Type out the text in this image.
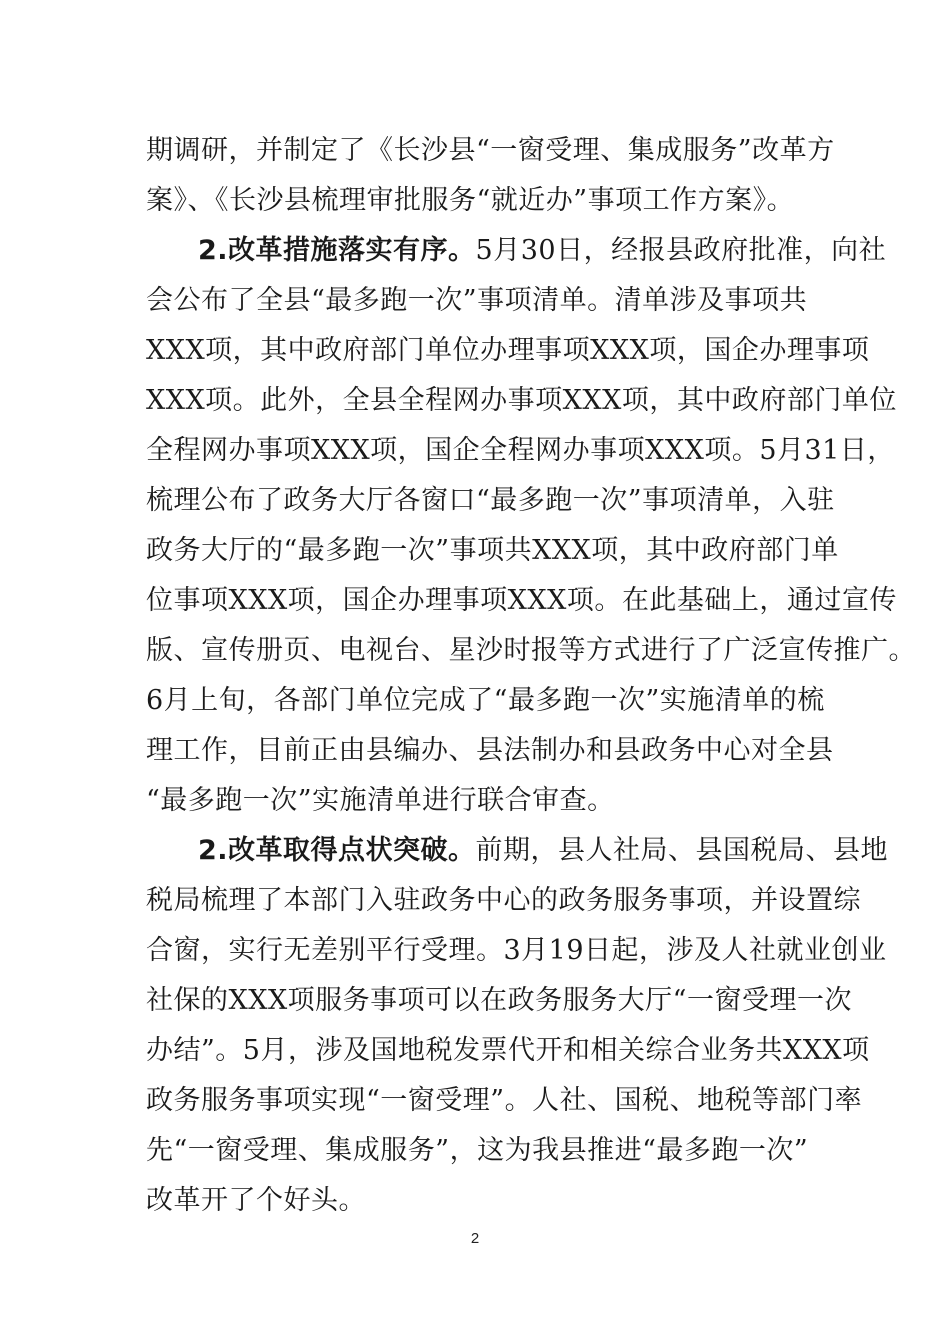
期调研，并制定了《长沙县“一窗受理、集成服务”改革方
案》、《长沙县梳理审批服务“就近办”事项工作方案》。
2.改革措施落实有序。5月30日，经报县政府批准，向社
会公布了全县“最多跑一次”事项清单。清单涉及事项共
XXX项，其中政府部门单位办理事项XXX项，国企办理事项
XXX项。此外，全县全程网办事项XXX项，其中政府部门单位
全程网办事项XXX项，国企全程网办事项XXX项。5月31日，
梳理公布了政务大厅各窗口“最多跑一次”事项清单，入驻
政务大厅的“最多跑一次”事项共XXX项，其中政府部门单
位事项XXX项，国企办理事项XXX项。在此基础上，通过宣传
版、宣传册页、电视台、星沙时报等方式进行了广泛宣传推广。
6月上旬，各部门单位完成了“最多跑一次”实施清单的梳
理工作，目前正由县编办、县法制办和县政务中心对全县
“最多跑一次”实施清单进行联合审查。
2.改革取得点状突破。前期，县人社局、县国税局、县地
税局梳理了本部门入驻政务中心的政务服务事项，并设置综
合窗，实行无差别平行受理。3月19日起，涉及人社就业创业
社保的XXX项服务事项可以在政务服务大厅“一窗受理一次
办结”。5月，涉及国地税发票代开和相关综合业务共XXX项
政务服务事项实现“一窗受理”。人社、国税、地税等部门率
先“一窗受理、集成服务”，这为我县推进“最多跑一次”
改革开了个好头。
2
